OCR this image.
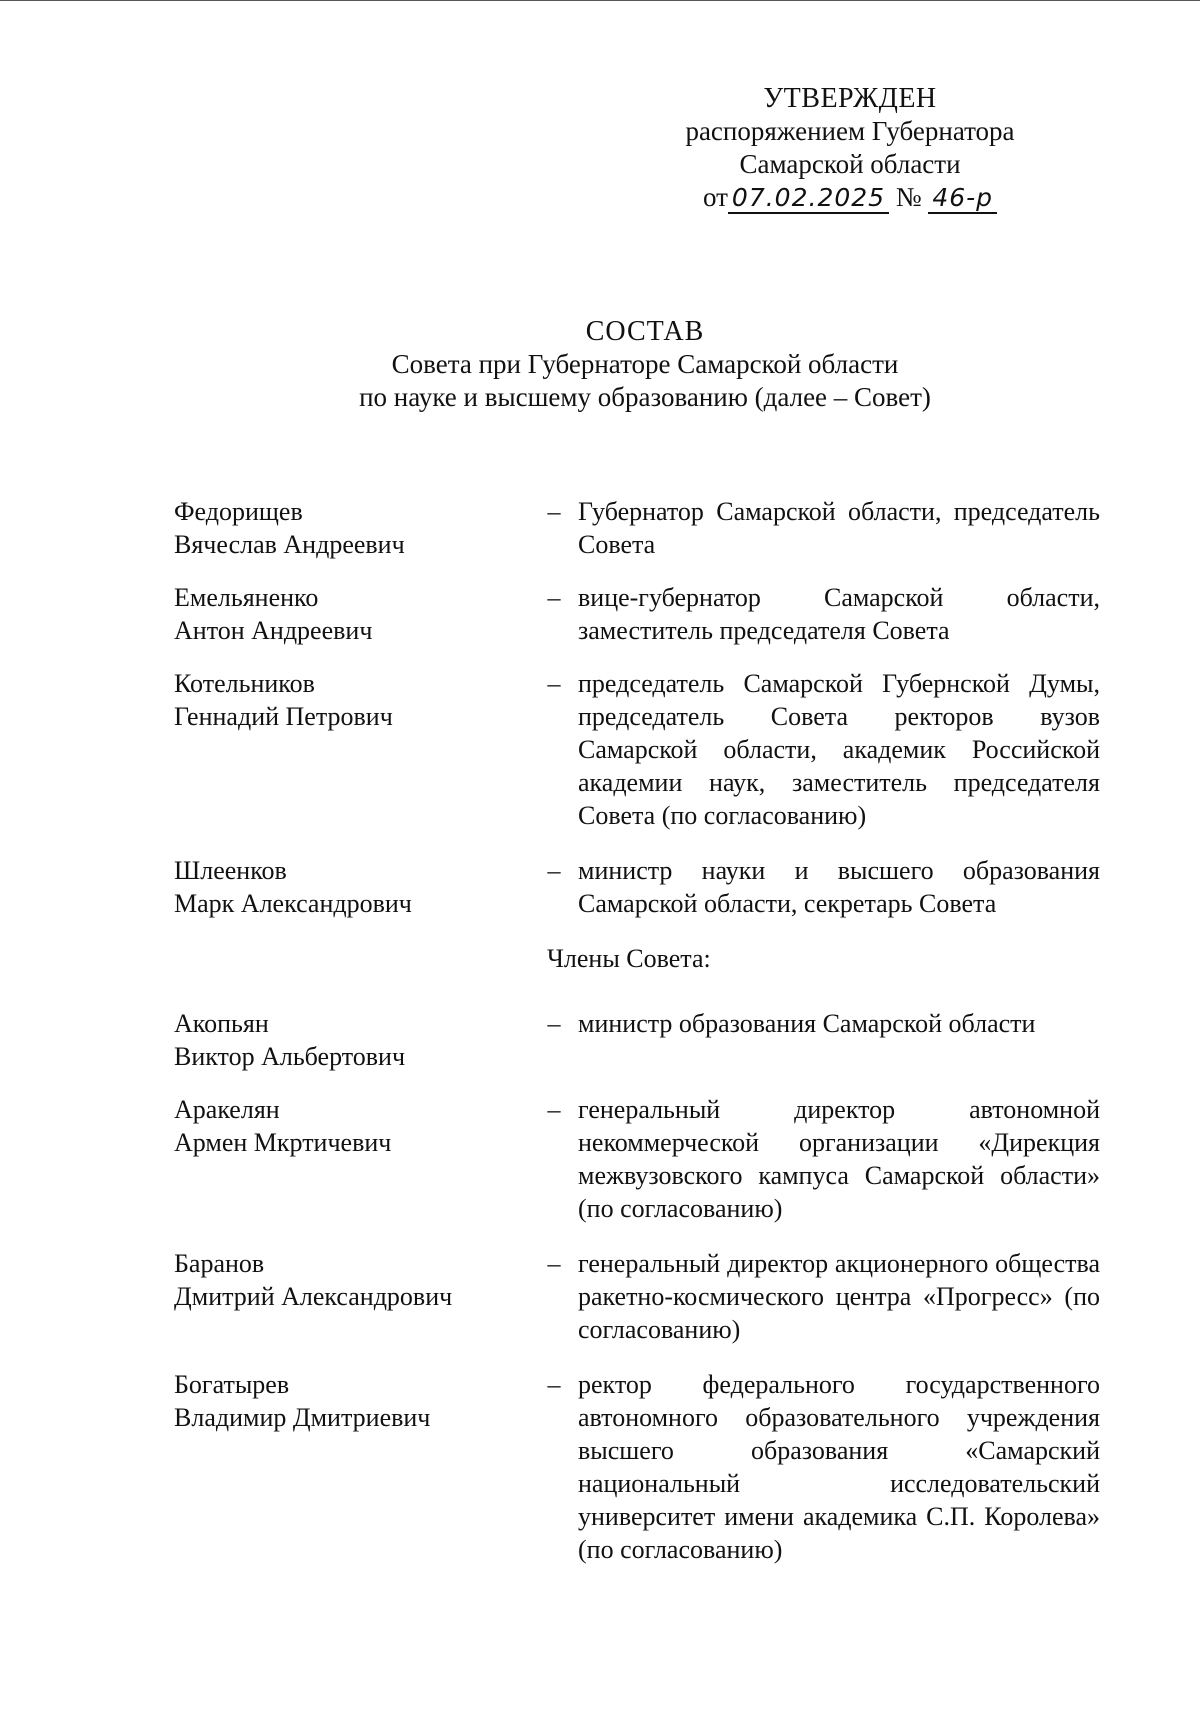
УТВЕРЖДЕН
распоряжением Губернатора
Самарской области
от 07.02.2025 № 46-р
СОСТАВ
Совета при Губернаторе Самарской области
по науке и высшему образованию (далее – Совет)
Федорищев
Вячеслав Андреевич
– Губернатор Самарской области, председатель Совета
Емельяненко
Антон Андреевич
– вице-губернатор Самарской области, заместитель председателя Совета
Котельников
Геннадий Петрович
– председатель Самарской Губернской Думы, председатель Совета ректоров вузов Самарской области, академик Российской академии наук, заместитель председателя Совета (по согласованию)
Шлеенков
Марк Александрович
– министр науки и высшего образования Самарской области, секретарь Совета
Члены Совета:
Акопьян
Виктор Альбертович
– министр образования Самарской области
Аракелян
Армен Мкртичевич
– генеральный директор автономной некоммерческой организации «Дирекция межвузовского кампуса Самарской области» (по согласованию)
Баранов
Дмитрий Александрович
– генеральный директор акционерного общества ракетно-космического центра «Прогресс» (по согласованию)
Богатырев
Владимир Дмитриевич
– ректор федерального государственного автономного образовательного учреждения высшего образования «Самарский национальный исследовательский университет имени академика С.П. Королева» (по согласованию)
